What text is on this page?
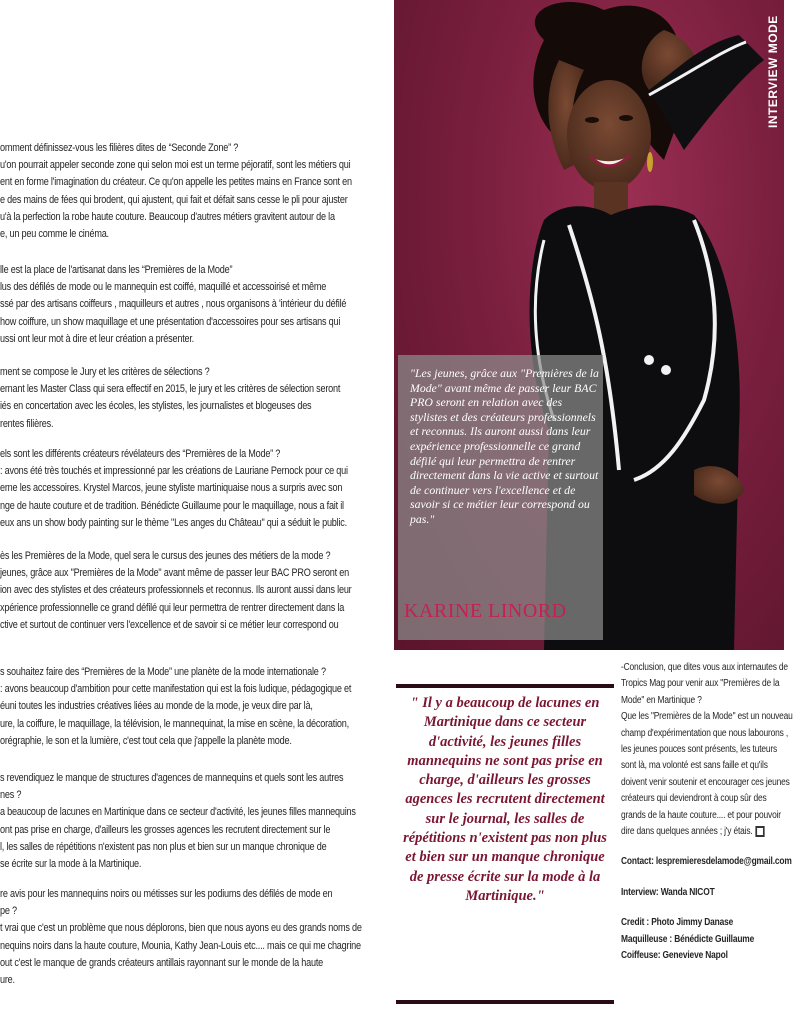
omment définissez-vous les filières dites de “Seconde Zone” ?

u'on pourrait appeler seconde zone qui selon moi est un terme péjoratif, sont les métiers qui

ent en forme l'imagination du créateur. Ce qu'on appelle les petites mains en France sont en

e des mains de fées qui brodent, qui ajustent, qui fait et défait sans cesse le pli pour ajuster

u'à la perfection la robe haute couture. Beaucoup d'autres métiers gravitent autour de la

e, un peu comme le cinéma.

lle est la place de l'artisanat dans les “Premières de la Mode”

lus des défilés de mode ou le mannequin est coiffé, maquillé et accessoirisé et même

ssé par des artisans coiffeurs , maquilleurs et autres , nous organisons à 'intérieur du défilé

how coiffure, un show maquillage et une présentation d'accessoires pour ses artisans qui

ussi ont leur mot à dire et leur création a présenter.

ment se compose le Jury et les critères de sélections ?

ernant les Master Class qui sera effectif en 2015, le jury et les critères de sélection seront

iés en concertation avec les écoles, les stylistes, les journalistes et blogeuses des

rentes filières.

els sont les différents créateurs révélateurs des “Premières de la Mode” ?

: avons été très touchés et impressionné par les créations de Lauriane Pernock pour ce qui

erne les accessoires. Krystel Marcos, jeune styliste martiniquaise nous a surpris avec son

nge de haute couture et de tradition. Bénédicte Guillaume pour le maquillage, nous a fait il

eux ans un show body painting sur le thème "Les anges du Château" qui a séduit le public.

ès les Premières de la Mode, quel sera le cursus des jeunes des métiers de la mode ?

jeunes, grâce aux "Premières de la Mode" avant même de passer leur BAC PRO seront en

ion avec des stylistes et des créateurs professionnels et reconnus. Ils auront aussi dans leur

xpérience professionnelle ce grand défilé qui leur permettra de rentrer directement dans la

ctive et surtout de continuer vers l'excellence et de savoir si ce métier leur correspond ou

s souhaitez faire des “Premières de la Mode” une planète de la mode internationale ?

: avons beaucoup d'ambition pour cette manifestation qui est la fois ludique, pédagogique et

éuni toutes les industries créatives liées au monde de la mode, je veux dire par là,

ure, la coiffure, le maquillage, la télévision, le mannequinat, la mise en scène, la décoration,

orégraphie, le son et la lumière, c'est tout cela que j'appelle la planète mode.

s revendiquez le manque de structures d'agences de mannequins et quels sont les autres

nes ?

a beaucoup de lacunes en Martinique dans ce secteur d'activité, les jeunes filles mannequins

ont pas prise en charge, d'ailleurs les grosses agences les recrutent directement sur le

l, les salles de répétitions n'existent pas non plus et bien sur un manque chronique de

se écrite sur la mode à la Martinique.

re avis pour les mannequins noirs ou métisses sur les podiums des défilés de mode en

pe ?

t vrai que c'est un problème que nous déplorons, bien que nous ayons eu des grands noms de

nequins noirs dans la haute couture, Mounia, Kathy Jean-Louis etc.... mais ce qui me chagrine

out c'est le manque de grands créateurs antillais rayonnant sur le monde de la haute

ure.

INTERVIEW MODE
"Les jeunes, grâce aux "Premières de la Mode" avant même de passer leur BAC PRO seront en relation avec des stylistes et des créateurs professionnels et reconnus. Ils auront aussi dans leur expérience professionnelle ce grand défilé qui leur permettra de rentrer directement dans la vie active et surtout de continuer vers l'excellence et de savoir si ce métier leur correspond ou pas."
KARINE LINORD
" Il y a beaucoup de lacunes en Martinique dans ce secteur d'activité, les jeunes filles mannequins ne sont pas prise en charge, d'ailleurs les grosses agences les recrutent directement sur le journal, les salles de répétitions n'existent pas non plus et bien sur un manque chronique de presse écrite sur la mode à la Martinique."

-Conclusion, que dites vous aux internautes de Tropics Mag pour venir aux "Premières de la Mode" en Martinique ?

Que les "Premières de la Mode" est un nouveau champ d'expérimentation que nous labourons , les jeunes pouces sont présents, les tuteurs sont là, ma volonté est sans faille et qu'ils doivent venir soutenir et encourager ces jeunes créateurs qui deviendront à coup sûr des grands de la haute couture.... et pour pouvoir dire dans quelques années ; j'y étais.

Contact: lespremieresdelamode@gmail.com

Interview: Wanda NICOT

Credit : Photo Jimmy Danase

Maquilleuse : Bénédicte Guillaume

Coiffeuse: Genevieve Napol
